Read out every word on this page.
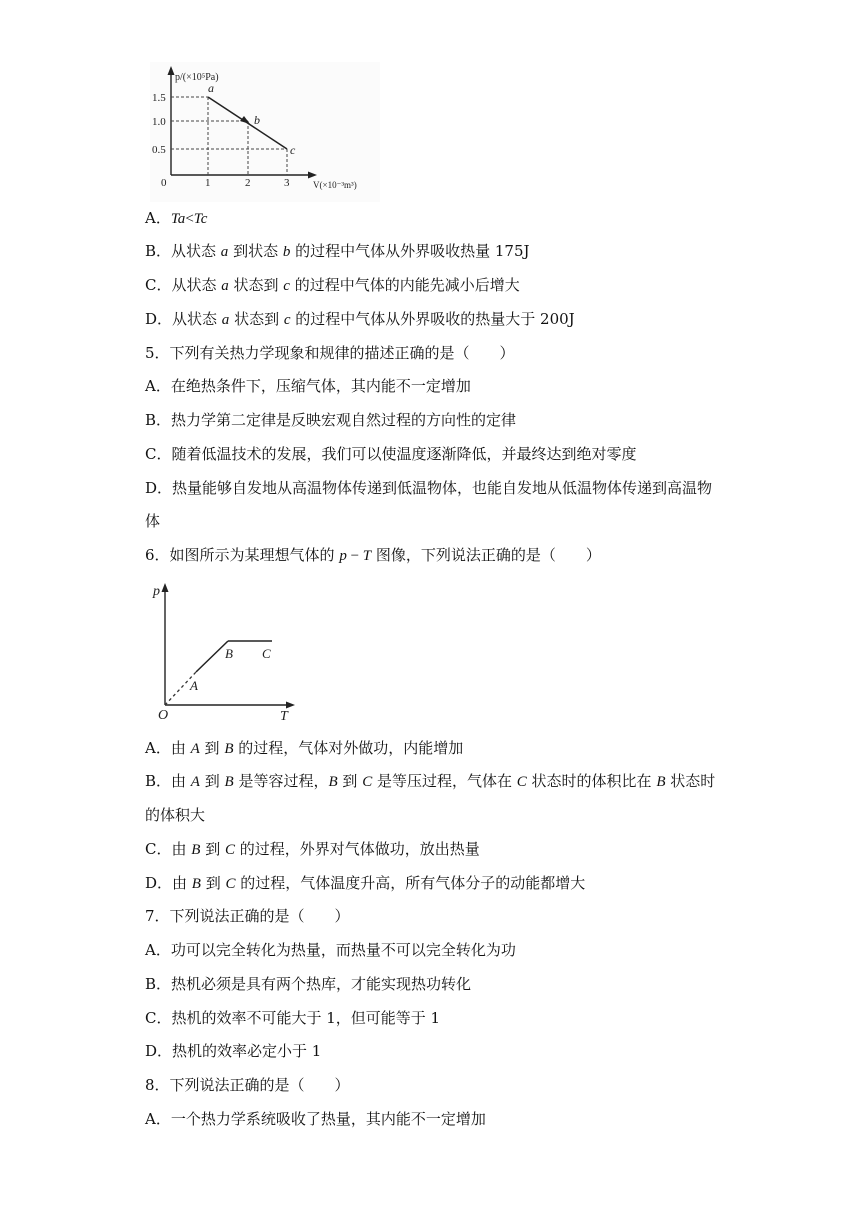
p/(×10⁵Pa)
V(×10⁻³m³)
1.5
1.0
0.5
0	1	2	3
a
b
c
A．Ta<Tc
B．从状态 a 到状态 b 的过程中气体从外界吸收热量 175J
C．从状态 a 状态到 c 的过程中气体的内能先减小后增大
D．从状态 a 状态到 c 的过程中气体从外界吸收的热量大于 200J
5．下列有关热力学现象和规律的描述正确的是（　　）
A．在绝热条件下，压缩气体，其内能不一定增加
B．热力学第二定律是反映宏观自然过程的方向性的定律
C．随着低温技术的发展，我们可以使温度逐渐降低，并最终达到绝对零度
D．热量能够自发地从高温物体传递到低温物体，也能自发地从低温物体传递到高温物
体
6．如图所示为某理想气体的 p − T 图像，下列说法正确的是（　　）
p
T
O
A
B C
A．由 A 到 B 的过程，气体对外做功，内能增加
B．由 A 到 B 是等容过程，B 到 C 是等压过程，气体在 C 状态时的体积比在 B 状态时
的体积大
C．由 B 到 C 的过程，外界对气体做功，放出热量
D．由 B 到 C 的过程，气体温度升高，所有气体分子的动能都增大
7．下列说法正确的是（　　）
A．功可以完全转化为热量，而热量不可以完全转化为功
B．热机必须是具有两个热库，才能实现热功转化
C．热机的效率不可能大于 1，但可能等于 1
D．热机的效率必定小于 1
8．下列说法正确的是（　　）
A．一个热力学系统吸收了热量，其内能不一定增加
